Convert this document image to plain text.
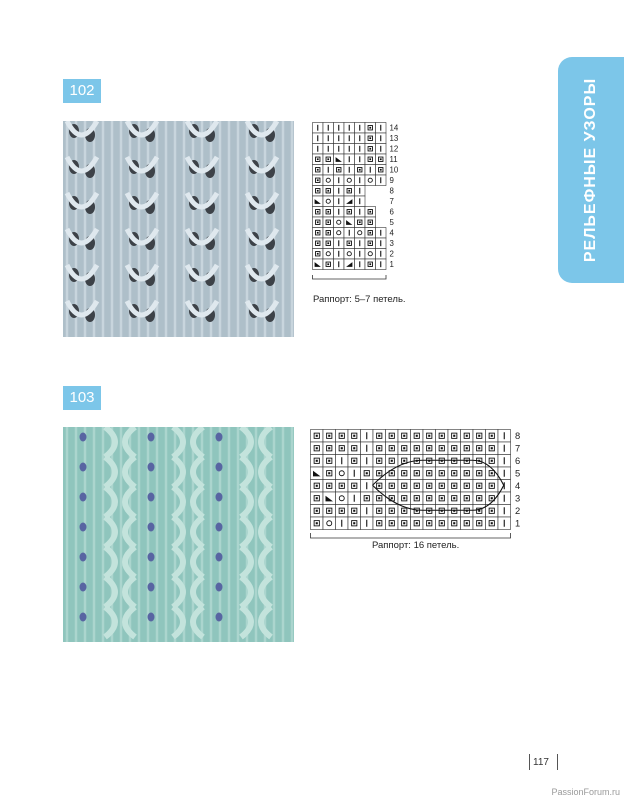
РЕЛЬЕФНЫЕ УЗОРЫ
102
14
13
12
11
10
9
8
7
6
5
4
3
2
1
Раппорт: 5–7 петель.
103
8
7
6
5
4
3
2
1
Раппорт: 16 петель.
117
PassionForum.ru
